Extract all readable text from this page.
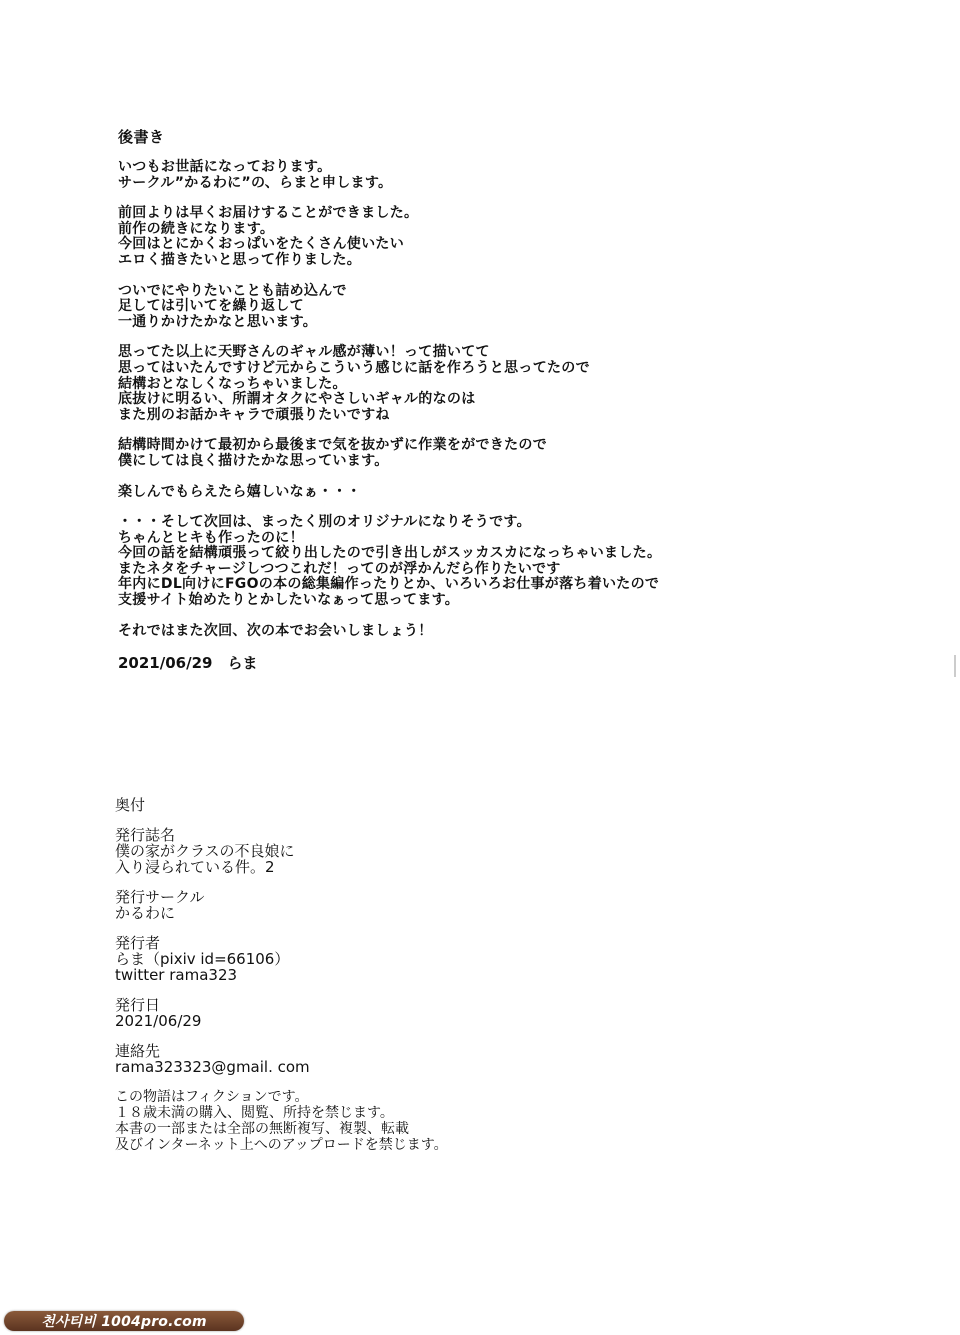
後書き
いつもお世話になっております。
サークル”かるわに”の、らまと申します。
前回よりは早くお届けすることができました。
前作の続きになります。
今回はとにかくおっぱいをたくさん使いたい
エロく描きたいと思って作りました。
ついでにやりたいことも詰め込んで
足しては引いてを繰り返して
一通りかけたかなと思います。
思ってた以上に天野さんのギャル感が薄い！って描いてて
思ってはいたんですけど元からこういう感じに話を作ろうと思ってたので
結構おとなしくなっちゃいました。
底抜けに明るい、所謂オタクにやさしいギャル的なのは
また別のお話かキャラで頑張りたいですね
結構時間かけて最初から最後まで気を抜かずに作業をができたので
僕にしては良く描けたかな思っています。
楽しんでもらえたら嬉しいなぁ・・・
・・・そして次回は、まったく別のオリジナルになりそうです。
ちゃんとヒキも作ったのに！
今回の話を結構頑張って絞り出したので引き出しがスッカスカになっちゃいました。
またネタをチャージしつつこれだ！ってのが浮かんだら作りたいです
年内にDL向けにFGOの本の総集編作ったりとか、いろいろお仕事が落ち着いたので
支援サイト始めたりとかしたいなぁって思ってます。
それではまた次回、次の本でお会いしましょう！
2021/06/29　らま
奥付
発行誌名
僕の家がクラスの不良娘に
入り浸られている件。2
発行サークル
かるわに
発行者
らま（pixiv id=66106）
twitter rama323
発行日
2021/06/29
連絡先
rama323323@gmail. com
この物語はフィクションです。
１８歳未満の購入、閲覧、所持を禁じます。
本書の一部または全部の無断複写、複製、転載
及びインターネット上へのアップロードを禁じます。
천사티비 1004pro.com
